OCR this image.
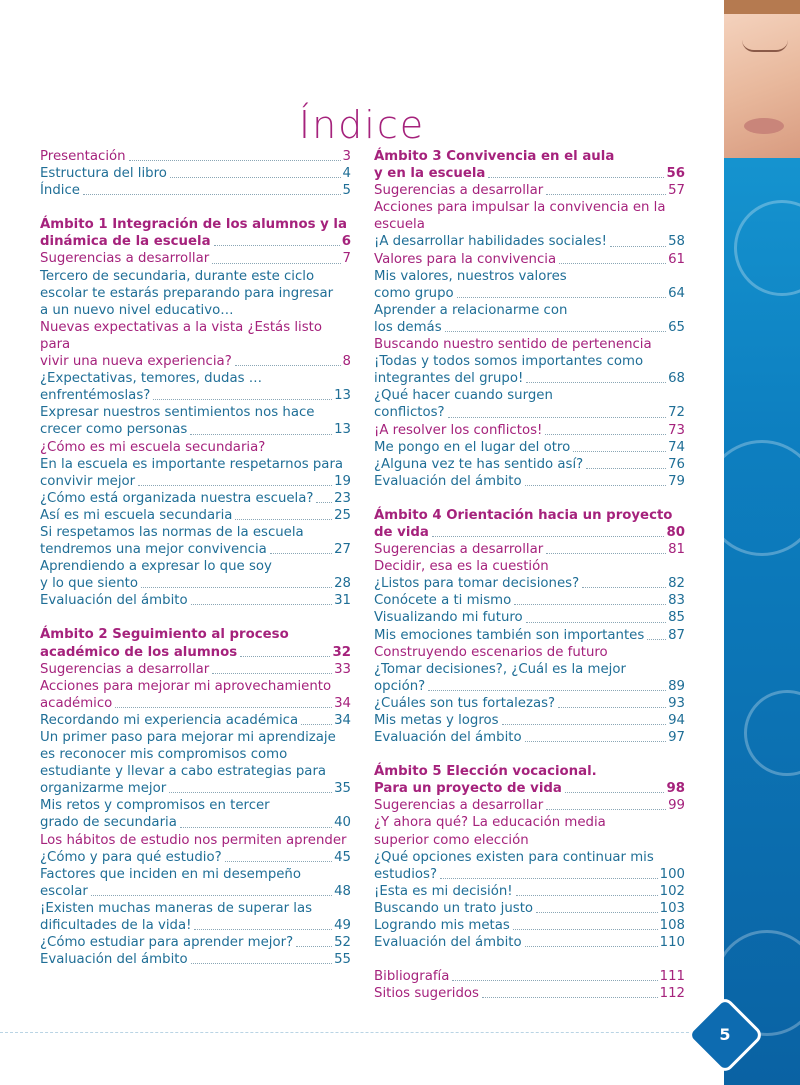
Índice
Presentación	3
Estructura del libro	4
Índice	5
Ámbito 1 Integración de los alumnos y la
dinámica de la escuela	6
Sugerencias a desarrollar	7
Tercero de secundaria, durante este ciclo
escolar te estarás preparando para ingresar
a un nuevo nivel educativo…
Nuevas expectativas a la vista ¿Estás listo para
vivir una nueva experiencia?	8
¿Expectativas, temores, dudas …
enfrentémoslas?	13
Expresar nuestros sentimientos nos hace
crecer como personas	13
¿Cómo es mi escuela secundaria?
En la escuela es importante respetarnos para
convivir mejor	19
¿Cómo está organizada nuestra escuela? 23
Así es mi escuela secundaria	25
Si respetamos las normas de la escuela
tendremos una mejor convivencia	27
Aprendiendo a expresar lo que soy
y lo que siento	28
Evaluación del ámbito	31
Ámbito 2 Seguimiento al proceso
académico de los alumnos	32
Sugerencias a desarrollar	33
Acciones para mejorar mi aprovechamiento
académico	34
Recordando mi experiencia académica	34
Un primer paso para mejorar mi aprendizaje
es reconocer mis compromisos como
estudiante y llevar a cabo estrategias para
organizarme mejor	35
Mis retos y compromisos en tercer
grado de secundaria	40
Los hábitos de estudio nos permiten aprender
¿Cómo y para qué estudio?	45
Factores que inciden en mi desempeño
escolar	48
¡Existen muchas maneras de superar las
dificultades de la vida!	49
¿Cómo estudiar para aprender mejor?	52
Evaluación del ámbito	55
Ámbito 3 Convivencia en el aula
y en la escuela	56
Sugerencias a desarrollar	57
Acciones para impulsar la convivencia en la
escuela
¡A desarrollar habilidades sociales!	58
Valores para la convivencia	61
Mis valores, nuestros valores
como grupo	64
Aprender a relacionarme con
los demás	65
Buscando nuestro sentido de pertenencia
¡Todas y todos somos importantes como
integrantes del grupo!	68
¿Qué hacer cuando surgen
conflictos?	72
¡A resolver los conflictos!	73
Me pongo en el lugar del otro	74
¿Alguna vez te has sentido así?	76
Evaluación del ámbito	79
Ámbito 4 Orientación hacia un proyecto
de vida	80
Sugerencias a desarrollar	81
Decidir, esa es la cuestión
¿Listos para tomar decisiones?	82
Conócete a ti mismo	83
Visualizando mi futuro	85
Mis emociones también son importantes 87
Construyendo escenarios de futuro
¿Tomar decisiones?, ¿Cuál es la mejor
opción?	89
¿Cuáles son tus fortalezas?	93
Mis metas y logros	94
Evaluación del ámbito	97
Ámbito 5 Elección vocacional.
Para un proyecto de vida	98
Sugerencias a desarrollar	99
¿Y ahora qué? La educación media
superior como elección
¿Qué opciones existen para continuar mis
estudios?	100
¡Esta es mi decisión!	102
Buscando un trato justo	103
Logrando mis metas	108
Evaluación del ámbito	110
Bibliografía	111
Sitios sugeridos	112
5
